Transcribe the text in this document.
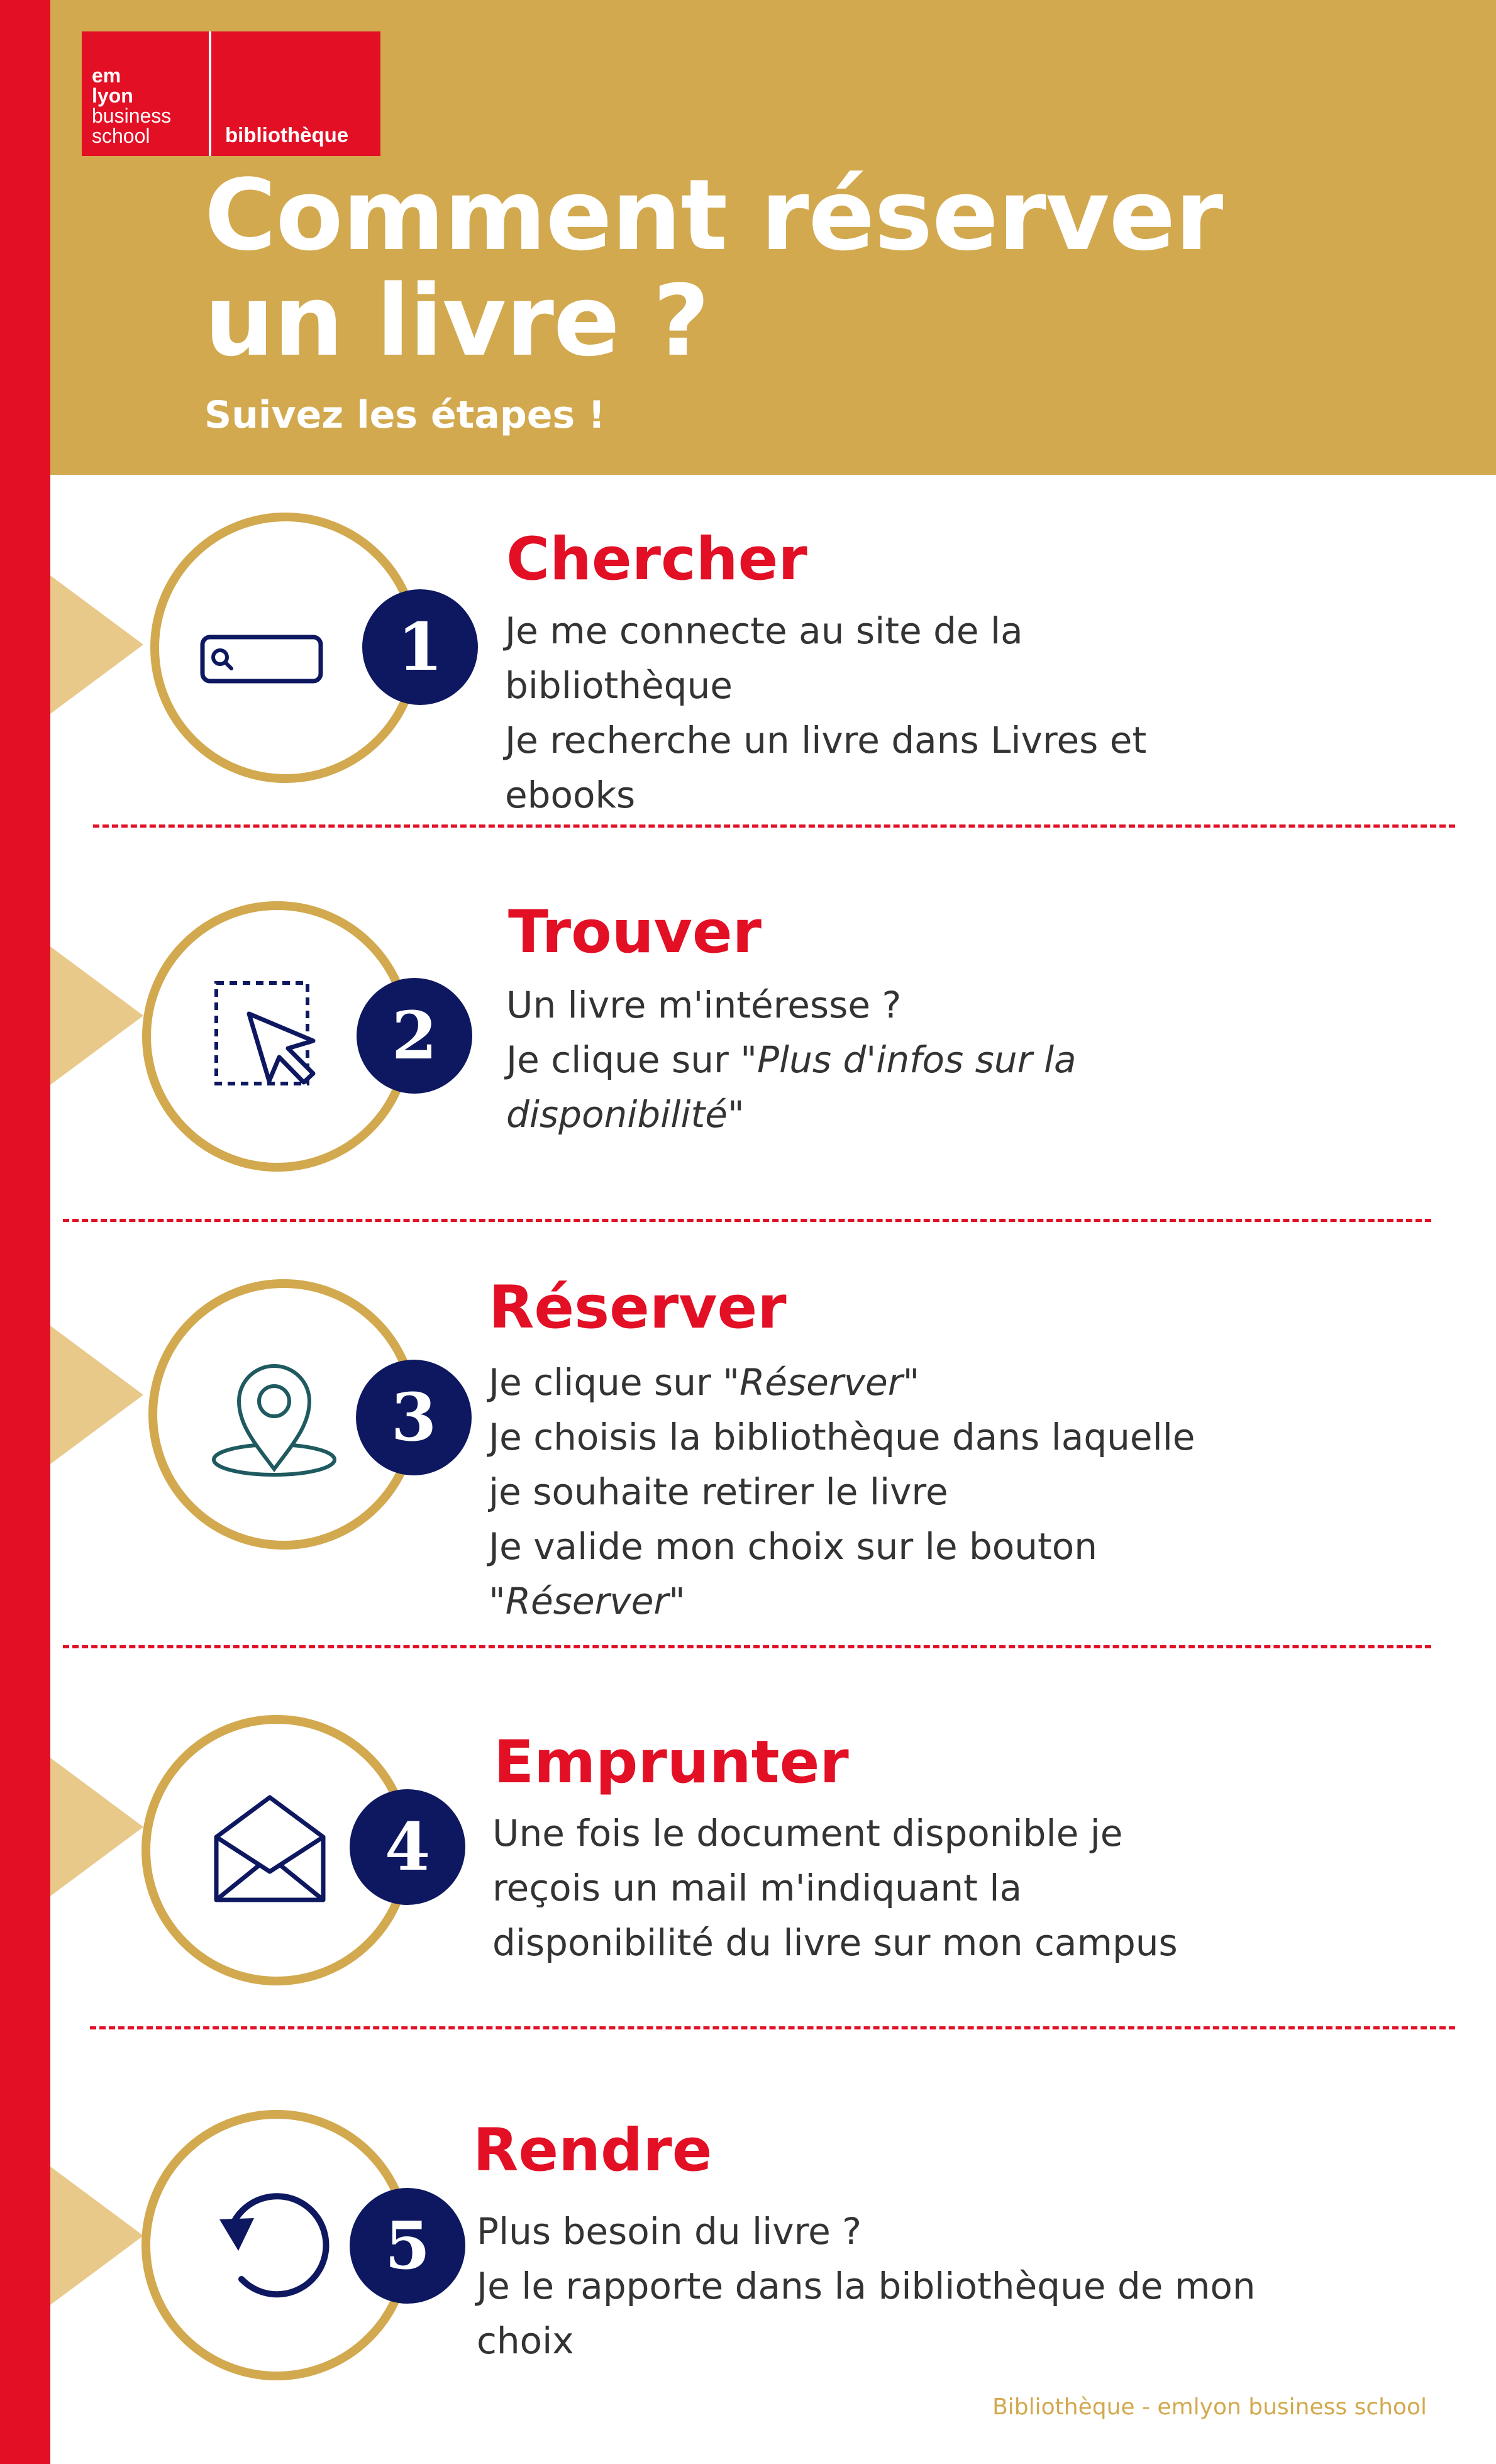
em
lyon
business
school	bibliothèque
Comment réserver un livre ?
Suivez les étapes !
1
Chercher
Je me connecte au site de la
bibliothèque
Je recherche un livre dans Livres et
ebooks
2
Trouver
Un livre m'intéresse ?
Je clique sur "Plus d'infos sur la
disponibilité"
3
Réserver
Je clique sur "Réserver"
Je choisis la bibliothèque dans laquelle
je souhaite retirer le livre
Je valide mon choix sur le bouton
"Réserver"
4
Emprunter
Une fois le document disponible je
reçois un mail m'indiquant la
disponibilité du livre sur mon campus
5
Rendre
Plus besoin du livre ?
Je le rapporte dans la bibliothèque de mon
choix
Bibliothèque - emlyon business school
